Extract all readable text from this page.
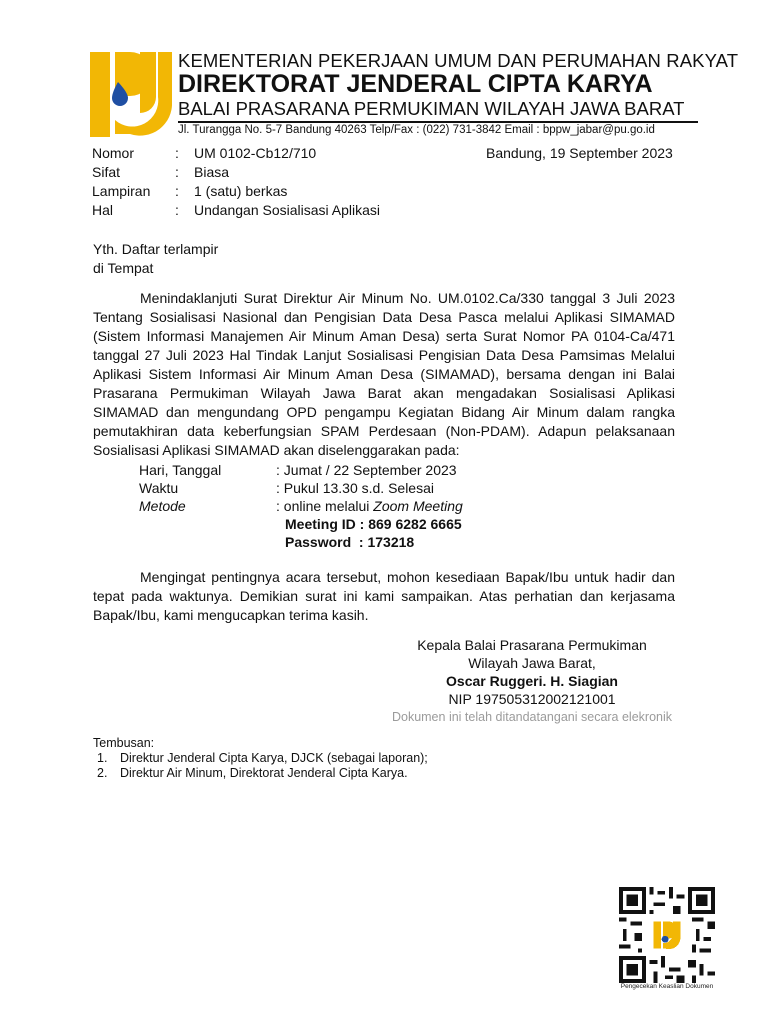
KEMENTERIAN PEKERJAAN UMUM DAN PERUMAHAN RAKYAT
DIREKTORAT JENDERAL CIPTA KARYA
BALAI PRASARANA PERMUKIMAN WILAYAH JAWA BARAT
Jl. Turangga No. 5-7 Bandung 40263 Telp/Fax : (022) 731-3842 Email : bppw_jabar@pu.go.id
Nomor	:	UM 0102-Cb12/710
Sifat	:	Biasa
Lampiran	:	1 (satu) berkas
Hal	:	Undangan Sosialisasi Aplikasi
Bandung, 19 September 2023
Yth. Daftar terlampir
di Tempat
Menindaklanjuti Surat Direktur Air Minum No. UM.0102.Ca/330 tanggal 3 Juli 2023 Tentang Sosialisasi Nasional dan Pengisian Data Desa Pasca melalui Aplikasi SIMAMAD (Sistem Informasi Manajemen Air Minum Aman Desa) serta Surat Nomor PA 0104-Ca/471 tanggal 27 Juli 2023 Hal Tindak Lanjut Sosialisasi Pengisian Data Desa Pamsimas Melalui Aplikasi Sistem Informasi Air Minum Aman Desa (SIMAMAD), bersama dengan ini Balai Prasarana Permukiman Wilayah Jawa Barat akan mengadakan Sosialisasi Aplikasi SIMAMAD dan mengundang OPD pengampu Kegiatan Bidang Air Minum dalam rangka pemutakhiran data keberfungsian SPAM Perdesaan (Non-PDAM). Adapun pelaksanaan Sosialisasi Aplikasi SIMAMAD akan diselenggarakan pada:
Hari, Tanggal	: Jumat / 22 September 2023
Waktu	: Pukul 13.30 s.d. Selesai
Metode	: online melalui Zoom Meeting
Meeting ID : 869 6282 6665
Password  : 173218
Mengingat pentingnya acara tersebut, mohon kesediaan Bapak/Ibu untuk hadir dan tepat pada waktunya. Demikian surat ini kami sampaikan. Atas perhatian dan kerjasama Bapak/Ibu, kami mengucapkan terima kasih.
Kepala Balai Prasarana Permukiman
Wilayah Jawa Barat,
Oscar Ruggeri. H. Siagian
NIP 197505312002121001
Dokumen ini telah ditandatangani secara elekronik
Tembusan:
1.	Direktur Jenderal Cipta Karya, DJCK (sebagai laporan);
2.	Direktur Air Minum, Direktorat Jenderal Cipta Karya.
Pengecekan Keaslian Dokumen
